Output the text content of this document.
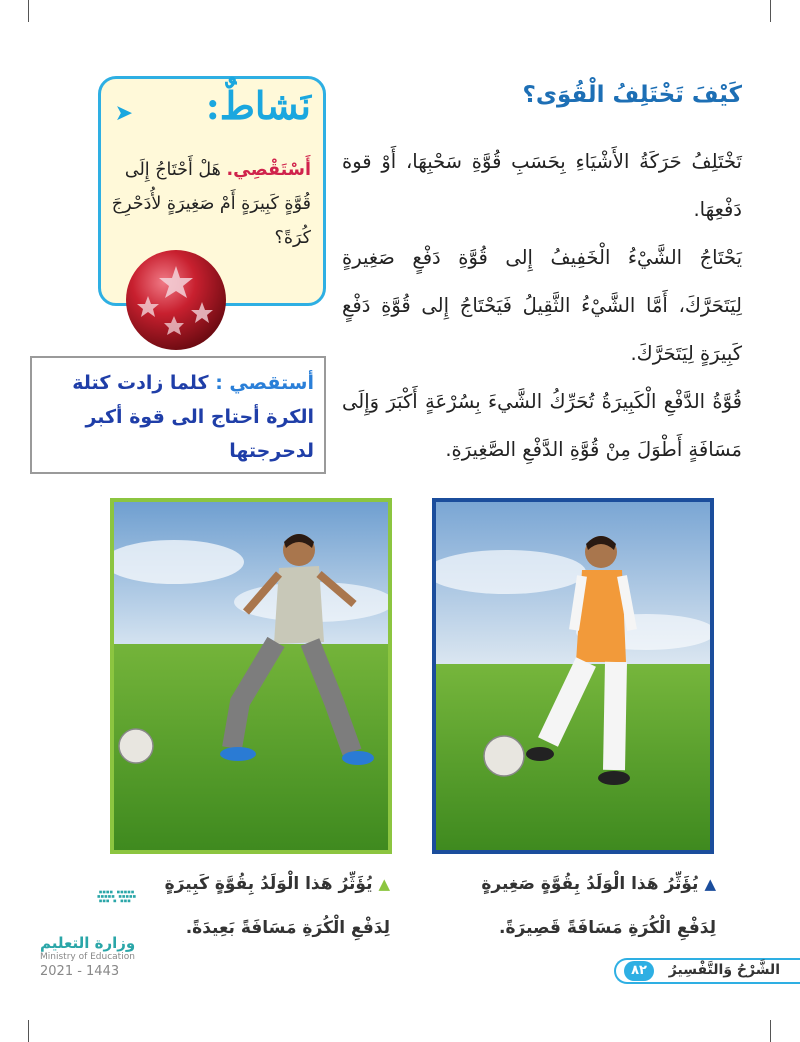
كَيْفَ تَخْتَلِفُ الْقُوَى؟

تَخْتَلِفُ حَرَكَةُ الأَشْيَاءِ بِحَسَبِ قُوَّةِ سَحْبِهَا، أَوْ قوة دَفْعِهَا.

يَحْتَاجُ الشَّيْءُ الْخَفِيفُ إِلى قُوَّةِ دَفْعٍ صَغِيرةٍ لِيَتَحَرَّكَ، أَمَّا الشَّيْءُ الثَّقِيلُ فَيَحْتَاجُ إِلى قُوَّةِ دَفْعٍ كَبِيرَةٍ لِيَتَحَرَّكَ.

قُوَّةُ الدَّفْعِ الْكَبِيرَةُ تُحَرِّكُ الشَّيءَ بِسُرْعَةٍ أَكْبَرَ وَإِلَى مَسَافَةٍ أَطْوَلَ مِنْ قُوَّةِ الدَّفْعِ الصَّغِيرَةِ.

نَشاطٌ:
➤
أَسْتَقْصِي. هَلْ أَحْتَاجُ إِلَى قُوَّةٍ كَبِيرَةٍ أَمْ صَغِيرَةٍ لأُدَحْرِجَ كُرَةً؟
أستقصي : كلما زادت كتلة الكرة أحتاج الى قوة أكبر لدحرجتها
▲يُؤَثِّرُ هَذا الْوَلَدُ بِقُوَّةٍ كَبِيرَةٍ لِدَفْعِ الْكُرَةِ مَسَافَةً بَعِيدَةً.
▲يُؤَثِّرُ هَذا الْوَلَدُ بِقُوَّةٍ صَغِيرةٍ لِدَفْعِ الْكُرَةِ مَسَافَةً قَصِيرَةً.
وزارة التعليم
Ministry of Education
2021 - 1443	٨٢	الشَّرْحُ وَالتَّفْسِيرُ
